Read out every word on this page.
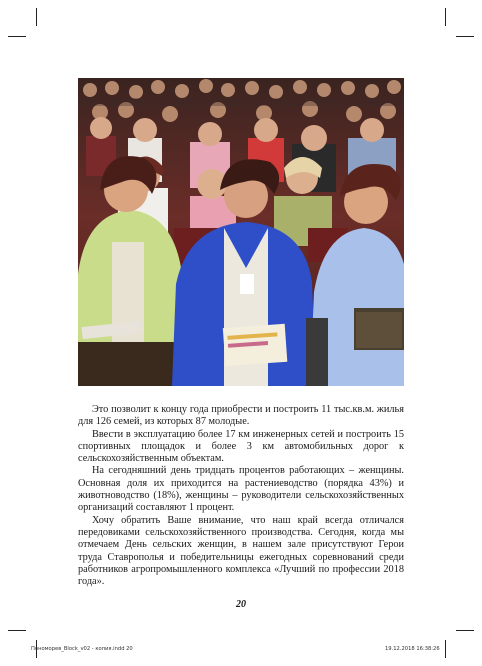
Это позволит к концу года приобрести и построить 11 тыс.кв.м. жилья для 126 семей, из которых 87 молодые.

Ввести в эксплуатацию более 17 км инженерных сетей и построить 15 спортивных площадок и более 3 км автомобильных дорог к сельскохозяйственным объектам.

На сегодняшний день тридцать процентов работающих – женщины. Основная доля их приходится на растениеводство (порядка 43%) и животноводство (18%), женщины – руководители сельскохозяйственных организаций составляют 1 процент.

Хочу обратить Ваше внимание, что наш край всегда отличался передовиками сельскохозяйственного производства. Сегодня, когда мы отмечаем День сельских женщин, в нашем зале присутствуют Герои труда Ставрополья и победительницы ежегодных соревнований среди работников агропромышленного комплекса «Лучший по профессии 2018 года».

20
Пономорев_Block_v02 - копия.indd 20	19.12.2018 16:38:26
